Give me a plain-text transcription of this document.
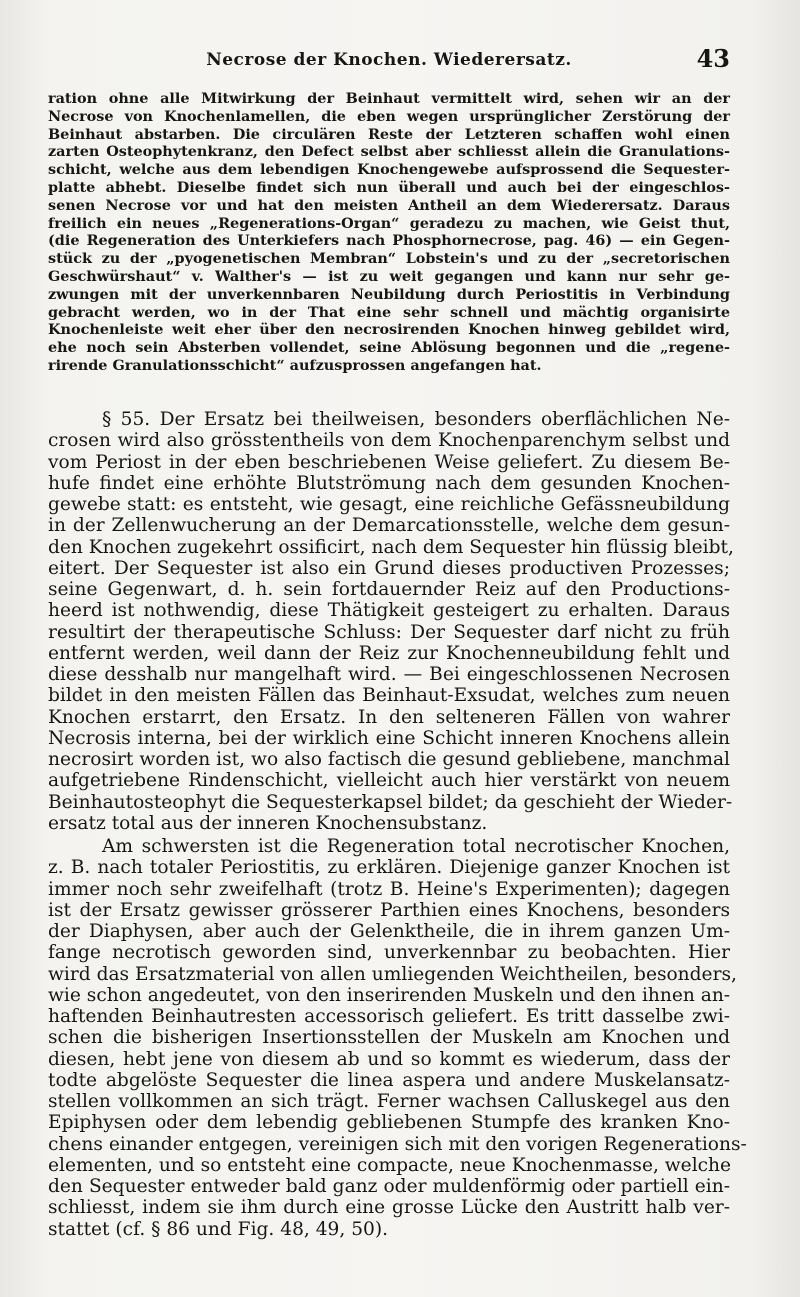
Necrose der Knochen. Wiederersatz.	43
ration ohne alle Mitwirkung der Beinhaut vermittelt wird, sehen wir an der
Necrose von Knochenlamellen, die eben wegen ursprünglicher Zerstörung der
Beinhaut abstarben. Die circulären Reste der Letzteren schaffen wohl einen
zarten Osteophytenkranz, den Defect selbst aber schliesst allein die Granulations-
schicht, welche aus dem lebendigen Knochengewebe aufsprossend die Sequester-
platte abhebt. Dieselbe findet sich nun überall und auch bei der eingeschlos-
senen Necrose vor und hat den meisten Antheil an dem Wiederersatz. Daraus
freilich ein neues „Regenerations-Organ“ geradezu zu machen, wie Geist thut,
(die Regeneration des Unterkiefers nach Phosphornecrose, pag. 46) — ein Gegen-
stück zu der „pyogenetischen Membran“ Lobstein's und zu der „secretorischen
Geschwürshaut“ v. Walther's — ist zu weit gegangen und kann nur sehr ge-
zwungen mit der unverkennbaren Neubildung durch Periostitis in Verbindung
gebracht werden, wo in der That eine sehr schnell und mächtig organisirte
Knochenleiste weit eher über den necrosirenden Knochen hinweg gebildet wird,
ehe noch sein Absterben vollendet, seine Ablösung begonnen und die „regene-
rirende Granulationsschicht“ aufzusprossen angefangen hat.
§ 55. Der Ersatz bei theilweisen, besonders oberflächlichen Ne-
crosen wird also grösstentheils von dem Knochenparenchym selbst und
vom Periost in der eben beschriebenen Weise geliefert. Zu diesem Be-
hufe findet eine erhöhte Blutströmung nach dem gesunden Knochen-
gewebe statt: es entsteht, wie gesagt, eine reichliche Gefässneubildung
in der Zellenwucherung an der Demarcationsstelle, welche dem gesun-
den Knochen zugekehrt ossificirt, nach dem Sequester hin flüssig bleibt,
eitert. Der Sequester ist also ein Grund dieses productiven Prozesses;
seine Gegenwart, d. h. sein fortdauernder Reiz auf den Productions-
heerd ist nothwendig, diese Thätigkeit gesteigert zu erhalten. Daraus
resultirt der therapeutische Schluss: Der Sequester darf nicht zu früh
entfernt werden, weil dann der Reiz zur Knochenneubildung fehlt und
diese desshalb nur mangelhaft wird. — Bei eingeschlossenen Necrosen
bildet in den meisten Fällen das Beinhaut-Exsudat, welches zum neuen
Knochen erstarrt, den Ersatz. In den selteneren Fällen von wahrer
Necrosis interna, bei der wirklich eine Schicht inneren Knochens allein
necrosirt worden ist, wo also factisch die gesund gebliebene, manchmal
aufgetriebene Rindenschicht, vielleicht auch hier verstärkt von neuem
Beinhautosteophyt die Sequesterkapsel bildet; da geschieht der Wieder-
ersatz total aus der inneren Knochensubstanz.
Am schwersten ist die Regeneration total necrotischer Knochen,
z. B. nach totaler Periostitis, zu erklären. Diejenige ganzer Knochen ist
immer noch sehr zweifelhaft (trotz B. Heine's Experimenten); dagegen
ist der Ersatz gewisser grösserer Parthien eines Knochens, besonders
der Diaphysen, aber auch der Gelenktheile, die in ihrem ganzen Um-
fange necrotisch geworden sind, unverkennbar zu beobachten. Hier
wird das Ersatzmaterial von allen umliegenden Weichtheilen, besonders,
wie schon angedeutet, von den inserirenden Muskeln und den ihnen an-
haftenden Beinhautresten accessorisch geliefert. Es tritt dasselbe zwi-
schen die bisherigen Insertionsstellen der Muskeln am Knochen und
diesen, hebt jene von diesem ab und so kommt es wiederum, dass der
todte abgelöste Sequester die linea aspera und andere Muskelansatz-
stellen vollkommen an sich trägt. Ferner wachsen Calluskegel aus den
Epiphysen oder dem lebendig gebliebenen Stumpfe des kranken Kno-
chens einander entgegen, vereinigen sich mit den vorigen Regenerations-
elementen, und so entsteht eine compacte, neue Knochenmasse, welche
den Sequester entweder bald ganz oder muldenförmig oder partiell ein-
schliesst, indem sie ihm durch eine grosse Lücke den Austritt halb ver-
stattet (cf. § 86 und Fig. 48, 49, 50).
